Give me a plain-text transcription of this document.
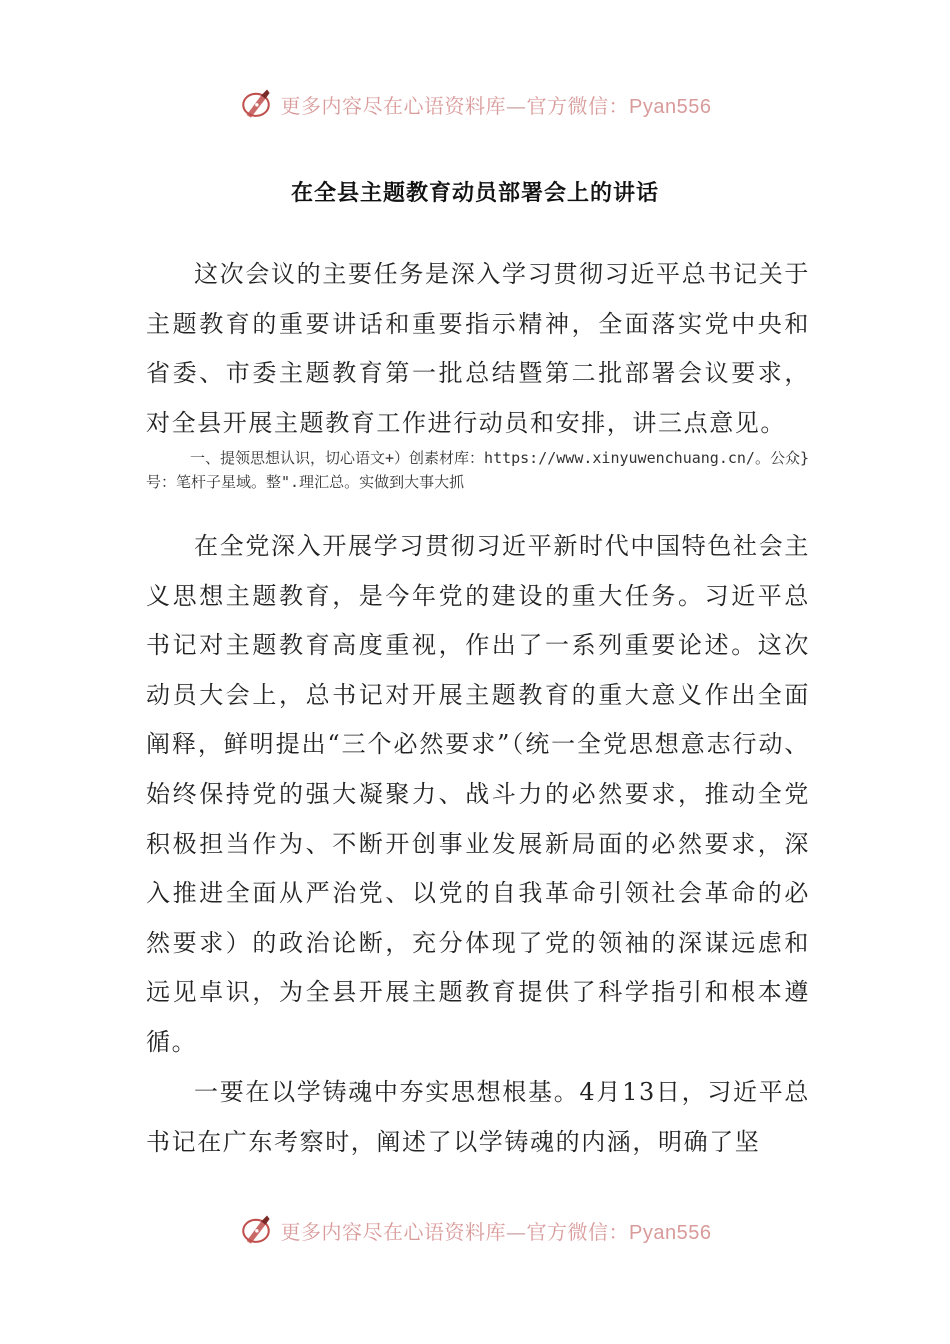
更多内容尽在心语资料库—官方微信：Pyan556
在全县主题教育动员部署会上的讲话

这次会议的主要任务是深入学习贯彻习近平总书记关于主题教育的重要讲话和重要指示精神，全面落实党中央和省委、市委主题教育第一批总结暨第二批部署会议要求，对全县开展主题教育工作进行动员和安排，讲三点意见。

一、提领思想认识，切心语文+）创素材库：https://www.xinyuwenchuang.cn/。公众}号：笔杆子星域。整".理汇总。实做到大事大抓

在全党深入开展学习贯彻习近平新时代中国特色社会主义思想主题教育，是今年党的建设的重大任务。习近平总书记对主题教育高度重视，作出了一系列重要论述。这次动员大会上，总书记对开展主题教育的重大意义作出全面阐释，鲜明提出“三个必然要求”（统一全党思想意志行动、始终保持党的强大凝聚力、战斗力的必然要求，推动全党积极担当作为、不断开创事业发展新局面的必然要求，深入推进全面从严治党、以党的自我革命引领社会革命的必然要求）的政治论断，充分体现了党的领袖的深谋远虑和远见卓识，为全县开展主题教育提供了科学指引和根本遵循。

一要在以学铸魂中夯实思想根基。4月13日，习近平总书记在广东考察时，阐述了以学铸魂的内涵，明确了坚

更多内容尽在心语资料库—官方微信：Pyan556
